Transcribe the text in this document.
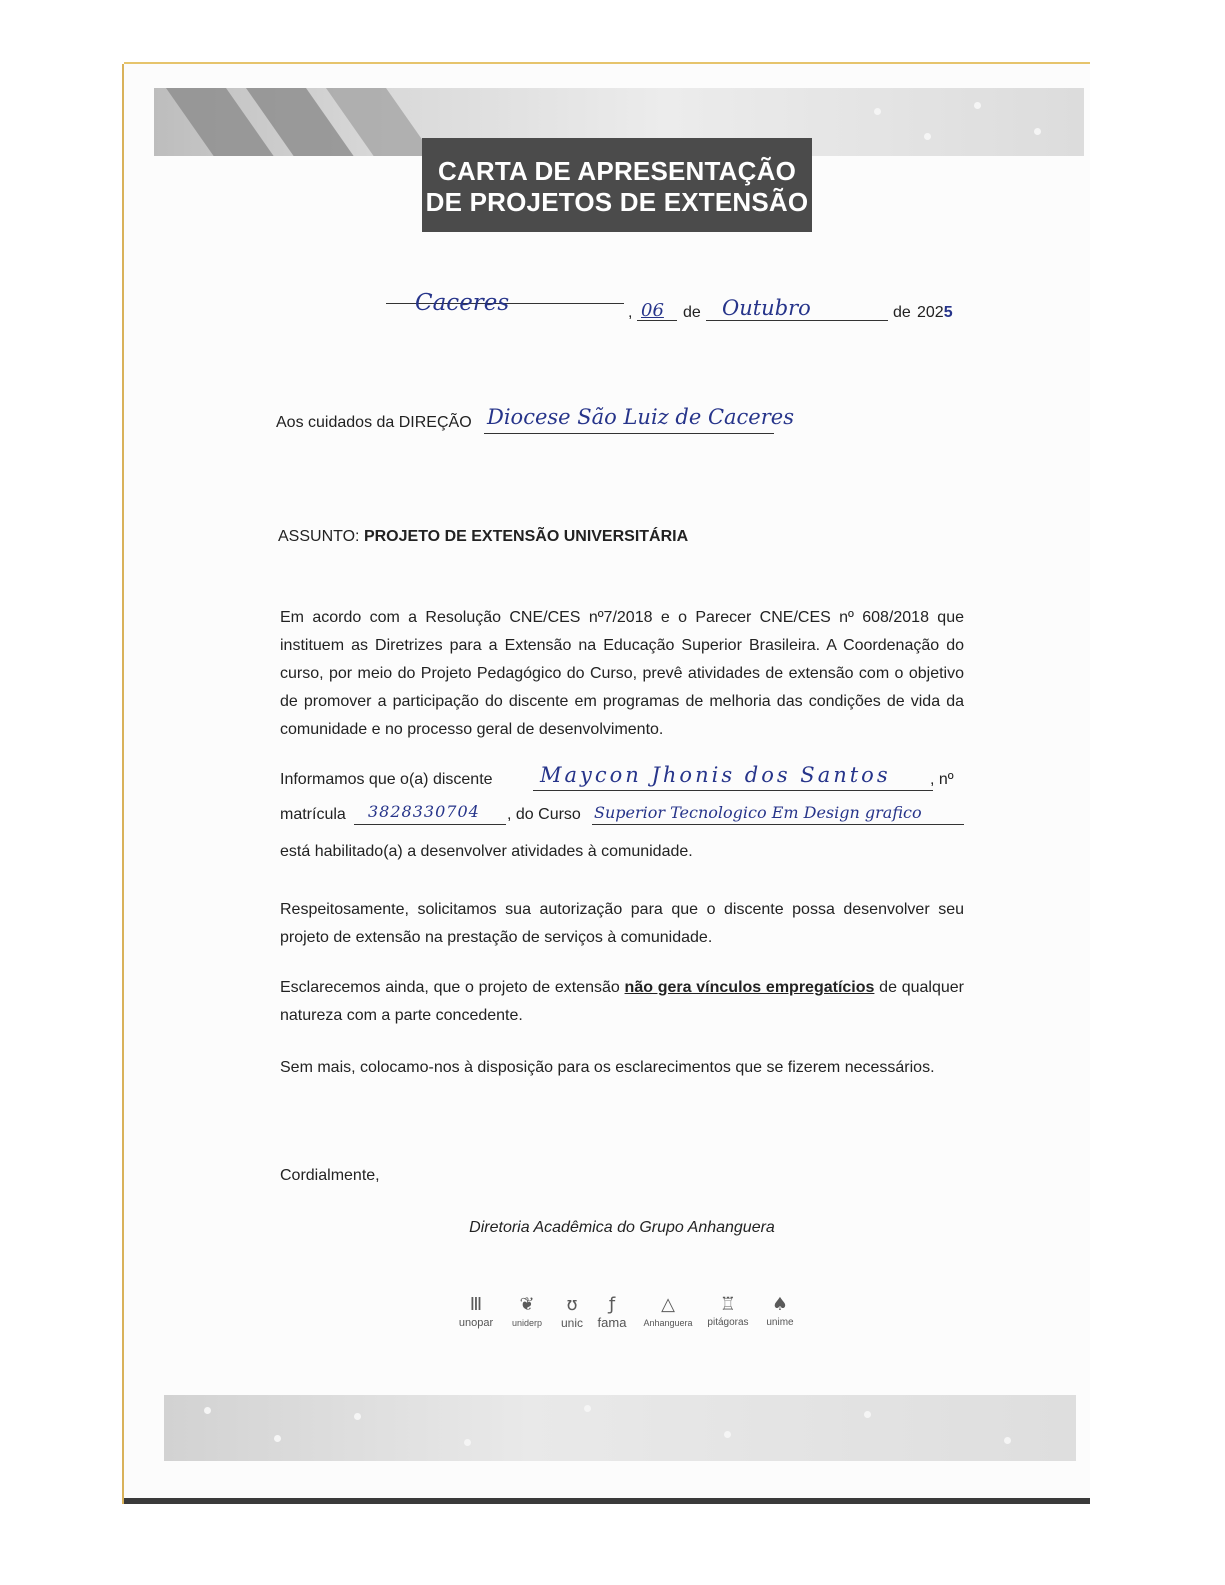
CARTA DE APRESENTAÇÃO
DE PROJETOS DE EXTENSÃO
Caceres	, 06 de Outubro	de 2025
Aos cuidados da DIREÇÃO Diocese São Luiz de Caceres
ASSUNTO: PROJETO DE EXTENSÃO UNIVERSITÁRIA
Em acordo com a Resolução CNE/CES nº7/2018 e o Parecer CNE/CES nº 608/2018 que instituem as Diretrizes para a Extensão na Educação Superior Brasileira. A Coordenação do curso, por meio do Projeto Pedagógico do Curso, prevê atividades de extensão com o objetivo de promover a participação do discente em programas de melhoria das condições de vida da comunidade e no processo geral de desenvolvimento.
Informamos que o(a) discente Maycon Jhonis dos Santos , nº
matrícula 3828330704 , do Curso Superior Tecnologico Em Design grafico
está habilitado(a) a desenvolver atividades à comunidade.
Respeitosamente, solicitamos sua autorização para que o discente possa desenvolver seu projeto de extensão na prestação de serviços à comunidade.
Esclarecemos ainda, que o projeto de extensão não gera vínculos empregatícios de qualquer natureza com a parte concedente.
Sem mais, colocamo-nos à disposição para os esclarecimentos que se fizerem necessários.
Cordialmente,
Diretoria Acadêmica do Grupo Anhanguera
Ⅲ
unopar
❦
uniderp
ʊ
unic
ƒ
fama
△
Anhanguera
♖
pitágoras
♠
unime
